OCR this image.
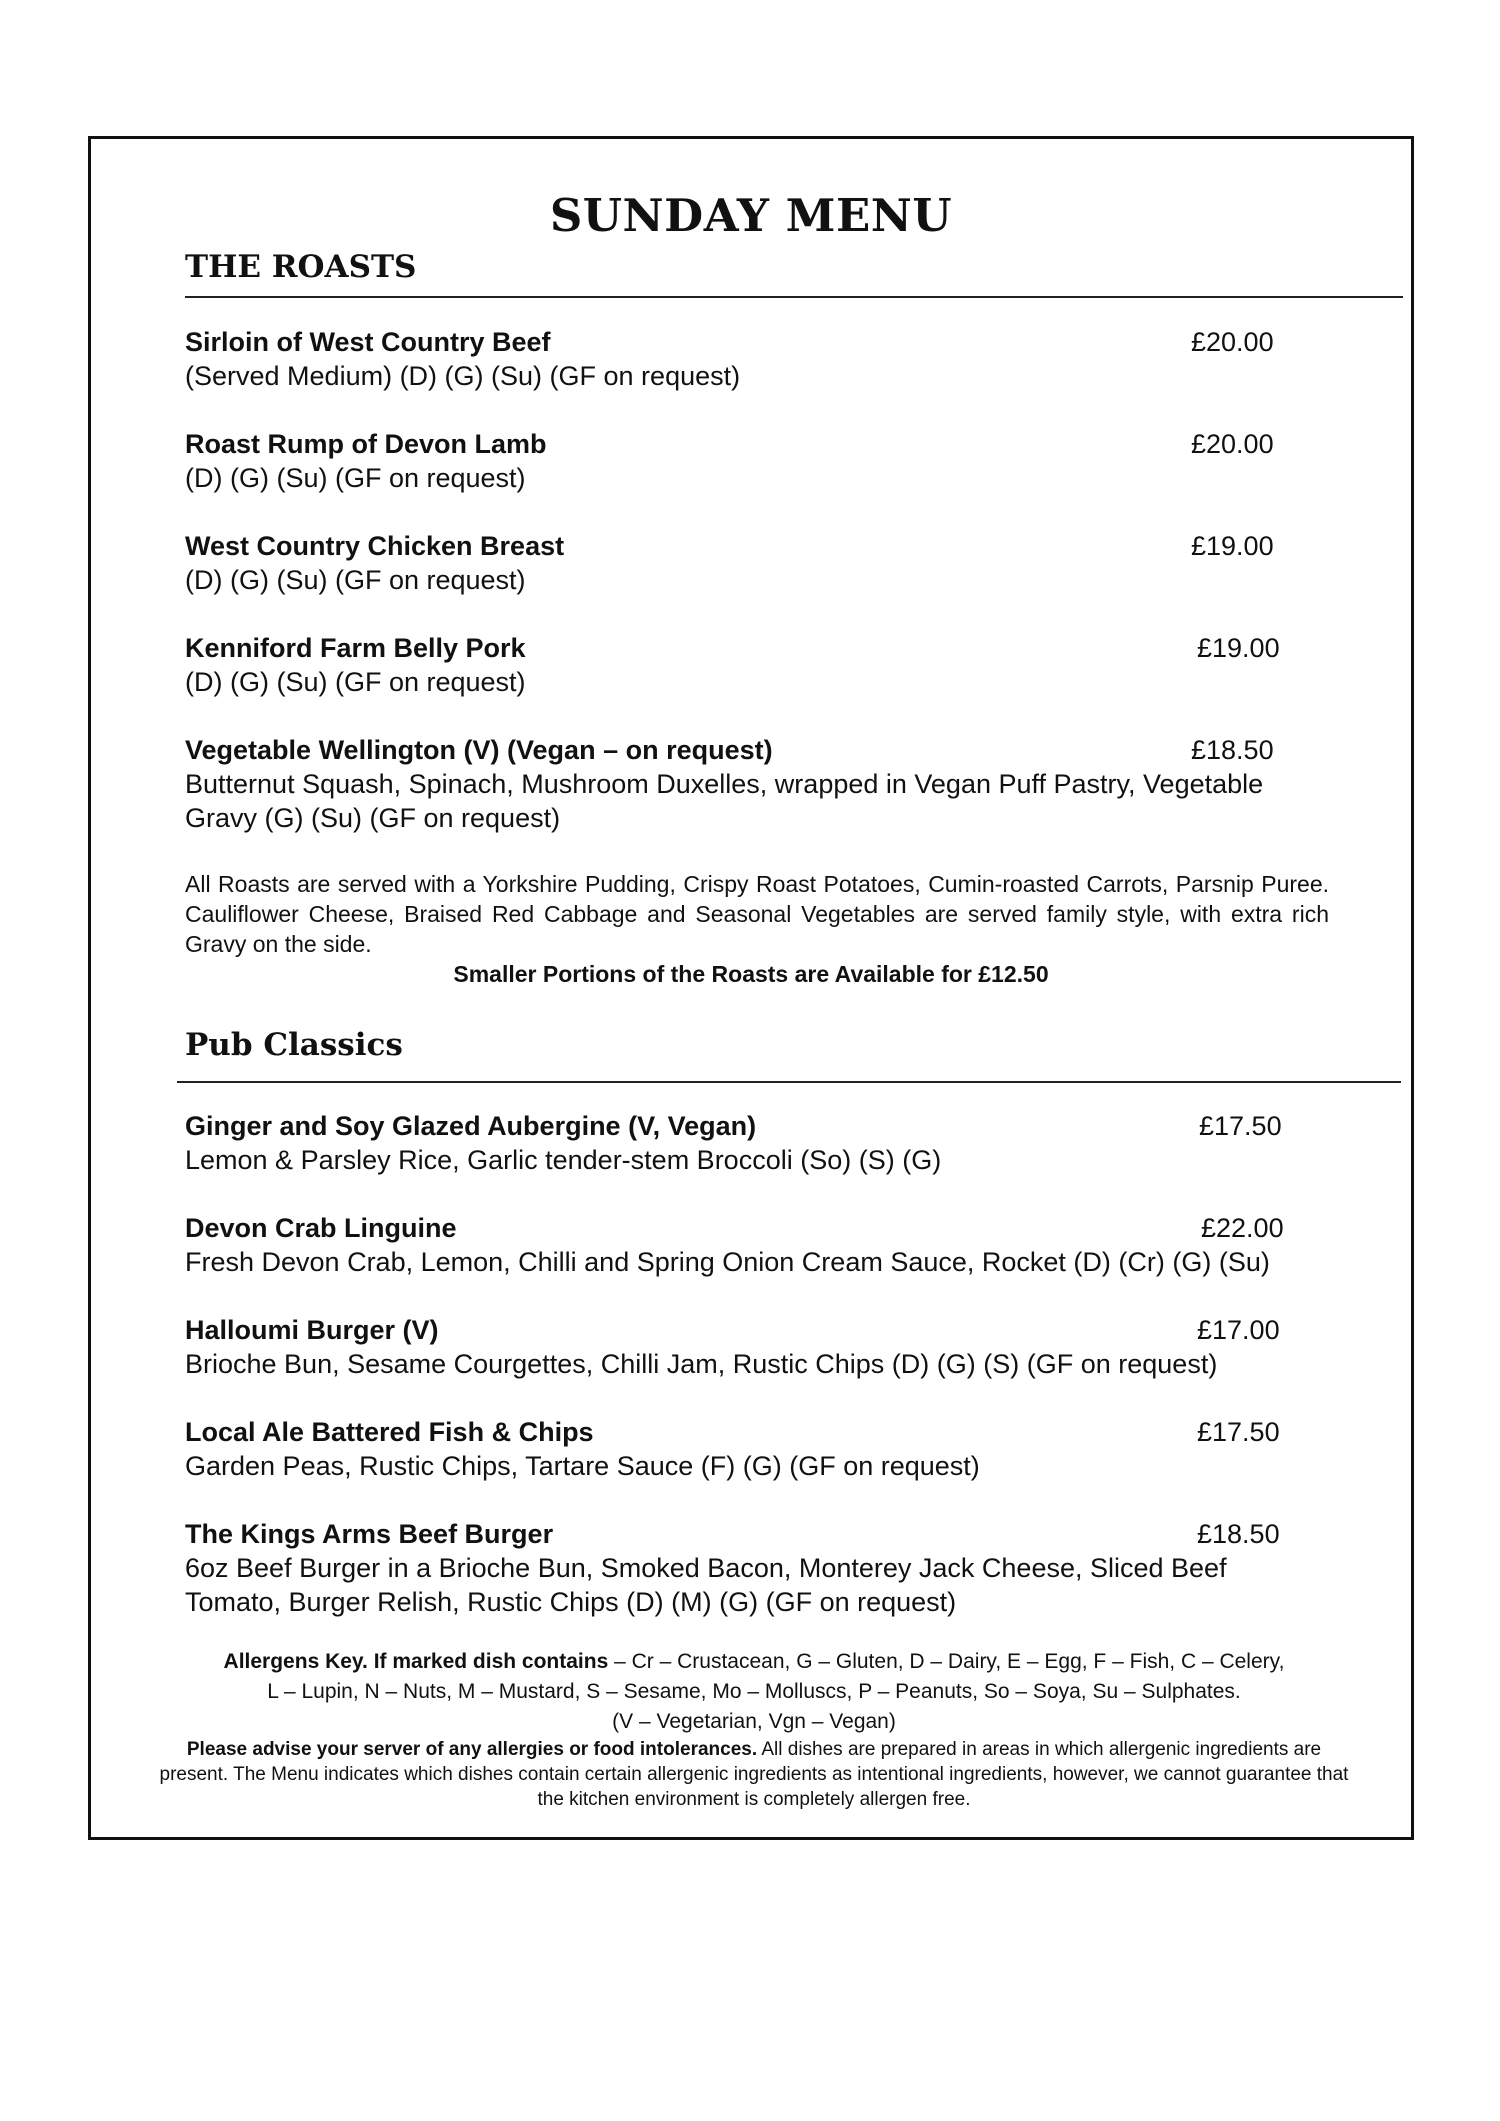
SUNDAY MENU
THE ROASTS
Sirloin of West Country Beef	£20.00
(Served Medium) (D) (G) (Su) (GF on request)
Roast Rump of Devon Lamb	£20.00
(D) (G) (Su) (GF on request)
West Country Chicken Breast	£19.00
(D) (G) (Su) (GF on request)
Kenniford Farm Belly Pork	£19.00
(D) (G) (Su) (GF on request)
Vegetable Wellington (V) (Vegan – on request)	£18.50
Butternut Squash, Spinach, Mushroom Duxelles, wrapped in Vegan Puff Pastry, Vegetable Gravy (G) (Su) (GF on request)
All Roasts are served with a Yorkshire Pudding, Crispy Roast Potatoes, Cumin-roasted Carrots, Parsnip Puree. Cauliflower Cheese, Braised Red Cabbage and Seasonal Vegetables are served family style, with extra rich Gravy on the side.
Smaller Portions of the Roasts are Available for £12.50
Pub Classics
Ginger and Soy Glazed Aubergine (V, Vegan)	£17.50
Lemon & Parsley Rice, Garlic tender-stem Broccoli (So) (S) (G)
Devon Crab Linguine	£22.00
Fresh Devon Crab, Lemon, Chilli and Spring Onion Cream Sauce, Rocket (D) (Cr) (G) (Su)
Halloumi Burger (V)	£17.00
Brioche Bun, Sesame Courgettes, Chilli Jam, Rustic Chips (D) (G) (S) (GF on request)
Local Ale Battered Fish & Chips	£17.50
Garden Peas, Rustic Chips, Tartare Sauce (F) (G) (GF on request)
The Kings Arms Beef Burger	£18.50
6oz Beef Burger in a Brioche Bun, Smoked Bacon, Monterey Jack Cheese, Sliced Beef Tomato, Burger Relish, Rustic Chips (D) (M) (G) (GF on request)

Allergens Key. If marked dish contains – Cr – Crustacean, G – Gluten, D – Dairy, E – Egg, F – Fish, C – Celery,

L – Lupin, N – Nuts, M – Mustard, S – Sesame, Mo – Molluscs, P – Peanuts, So – Soya, Su – Sulphates.

(V – Vegetarian, Vgn – Vegan)

Please advise your server of any allergies or food intolerances. All dishes are prepared in areas in which allergenic ingredients are present. The Menu indicates which dishes contain certain allergenic ingredients as intentional ingredients, however, we cannot guarantee that the kitchen environment is completely allergen free.
